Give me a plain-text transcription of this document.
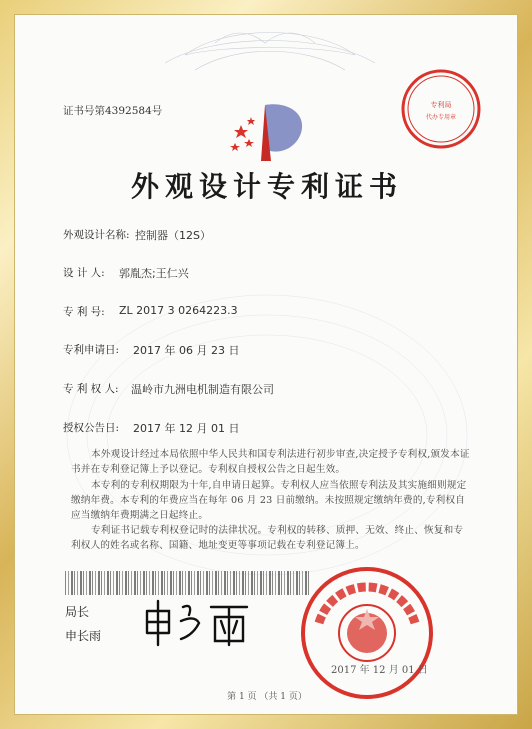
证书号第4392584号	专利局
代办专用章
外观设计专利证书
外观设计名称: 控制器（12S）
设 计 人: 郭胤杰;王仁兴
专 利 号: ZL 2017 3 0264223.3
专利申请日: 2017 年 06 月 23 日
专 利 权 人: 温岭市九洲电机制造有限公司
授权公告日: 2017 年 12 月 01 日
本外观设计经过本局依照中华人民共和国专利法进行初步审查,决定授予专利权,颁发本证书并在专利登记簿上予以登记。专利权自授权公告之日起生效。
本专利的专利权期限为十年,自申请日起算。专利权人应当依照专利法及其实施细则规定缴纳年费。本专利的年费应当在每年 06 月 23 日前缴纳。未按照规定缴纳年费的,专利权自应当缴纳年费期满之日起终止。
专利证书记载专利权登记时的法律状况。专利权的转移、质押、无效、终止、恢复和专利权人的姓名或名称、国籍、地址变更等事项记载在专利登记簿上。
局长
申长雨
2017 年 12 月 01 日
第 1 页 （共 1 页）
